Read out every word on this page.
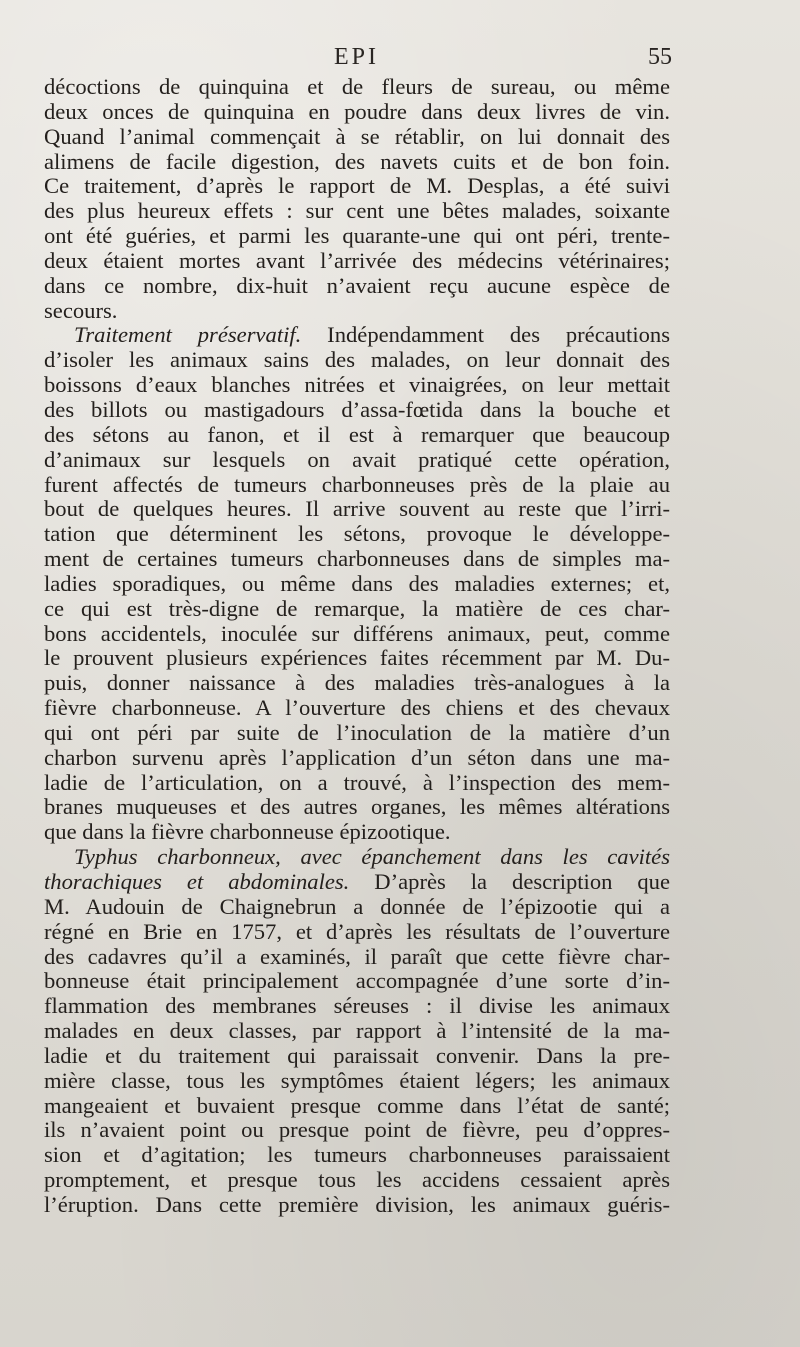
EPI	55
décoctions de quinquina et de fleurs de sureau, ou même
deux onces de quinquina en poudre dans deux livres de vin.
Quand l’animal commençait à se rétablir, on lui donnait des
alimens de facile digestion, des navets cuits et de bon foin.
Ce traitement, d’après le rapport de M. Desplas, a été suivi
des plus heureux effets : sur cent une bêtes malades, soixante
ont été guéries, et parmi les quarante-une qui ont péri, trente-
deux étaient mortes avant l’arrivée des médecins vétérinaires;
dans ce nombre, dix-huit n’avaient reçu aucune espèce de
secours.
Traitement préservatif. Indépendamment des précautions
d’isoler les animaux sains des malades, on leur donnait des
boissons d’eaux blanches nitrées et vinaigrées, on leur mettait
des billots ou mastigadours d’assa-fœtida dans la bouche et
des sétons au fanon, et il est à remarquer que beaucoup
d’animaux sur lesquels on avait pratiqué cette opération,
furent affectés de tumeurs charbonneuses près de la plaie au
bout de quelques heures. Il arrive souvent au reste que l’irri-
tation que déterminent les sétons, provoque le développe-
ment de certaines tumeurs charbonneuses dans de simples ma-
ladies sporadiques, ou même dans des maladies externes; et,
ce qui est très-digne de remarque, la matière de ces char-
bons accidentels, inoculée sur différens animaux, peut, comme
le prouvent plusieurs expériences faites récemment par M. Du-
puis, donner naissance à des maladies très-analogues à la
fièvre charbonneuse. A l’ouverture des chiens et des chevaux
qui ont péri par suite de l’inoculation de la matière d’un
charbon survenu après l’application d’un séton dans une ma-
ladie de l’articulation, on a trouvé, à l’inspection des mem-
branes muqueuses et des autres organes, les mêmes altérations
que dans la fièvre charbonneuse épizootique.
Typhus charbonneux, avec épanchement dans les cavités
thorachiques et abdominales. D’après la description que
M. Audouin de Chaignebrun a donnée de l’épizootie qui a
régné en Brie en 1757, et d’après les résultats de l’ouverture
des cadavres qu’il a examinés, il paraît que cette fièvre char-
bonneuse était principalement accompagnée d’une sorte d’in-
flammation des membranes séreuses : il divise les animaux
malades en deux classes, par rapport à l’intensité de la ma-
ladie et du traitement qui paraissait convenir. Dans la pre-
mière classe, tous les symptômes étaient légers; les animaux
mangeaient et buvaient presque comme dans l’état de santé;
ils n’avaient point ou presque point de fièvre, peu d’oppres-
sion et d’agitation; les tumeurs charbonneuses paraissaient
promptement, et presque tous les accidens cessaient après
l’éruption. Dans cette première division, les animaux guéris-
